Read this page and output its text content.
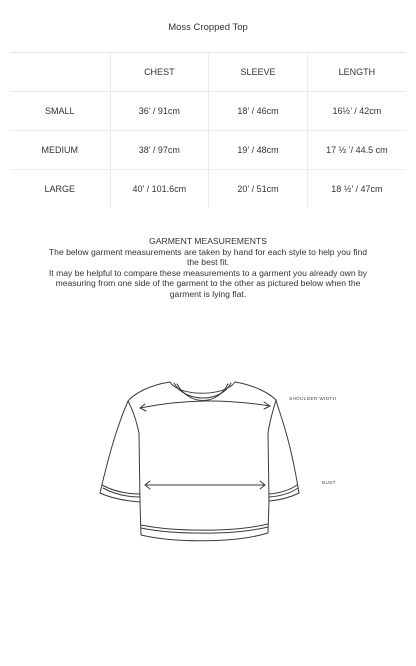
Moss Cropped Top
	CHEST	SLEEVE	LENGTH
SMALL	36’ / 91cm	18’ / 46cm	16½’ / 42cm
MEDIUM	38’ / 97cm	19’ / 48cm	17 ½ ’/ 44.5 cm
LARGE	40’ / 101.6cm	20’ / 51cm	18 ½’ / 47cm

GARMENT MEASUREMENTS

The below garment measurements are taken by hand for each style to help you find the best fit.

It may be helpful to compare these measurements to a garment you already own by measuring from one side of the garment to the other as pictured below when the garment is lying flat.

SHOULDER WIDTH
BUST
